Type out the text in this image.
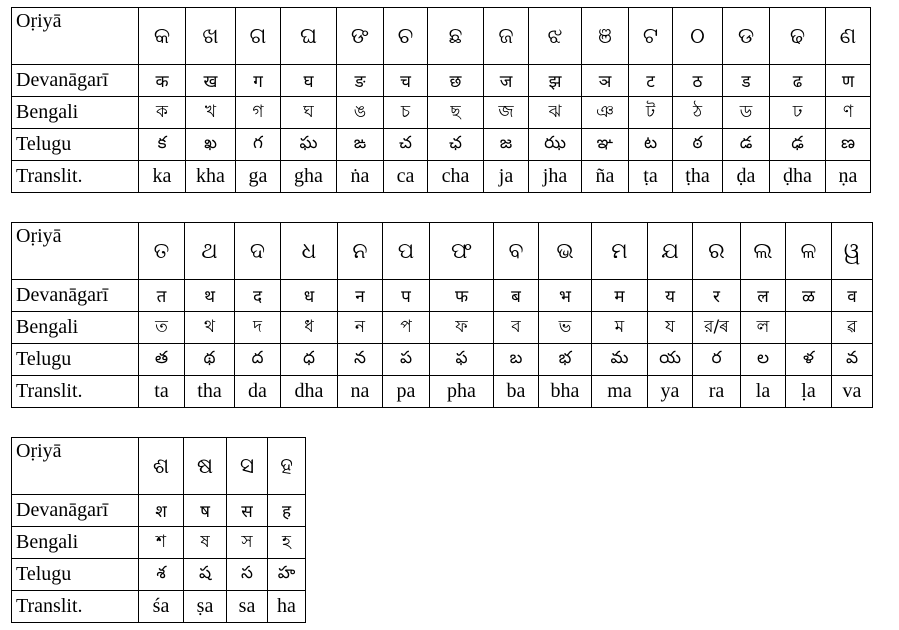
Oṛiyā	କ	ଖ	ଗ	ଘ	ଙ	ଚ	ଛ	ଜ	ଝ	ଞ	ଟ	ଠ	ଡ	ଢ	ଣ
Devanāgarī	क	ख	ग	घ	ङ	च	छ	ज	झ	ञ	ट	ठ	ड	ढ	ण
Bengali	ক	খ	গ	ঘ	ঙ	চ	ছ	জ	ঝ	ঞ	ট	ঠ	ড	ঢ	ণ
Telugu	క	ఖ	గ	ఘ	ఙ	చ	ఛ	జ	ఝ	ఞ	ట	ఠ	డ	ఢ	ణ
Translit.	ka	kha	ga	gha	ṅa	ca	cha	ja	jha	ña	ṭa	ṭha	ḍa	ḍha	ṇa
Oṛiyā	ତ	ଥ	ଦ	ଧ	ନ	ପ	ଫ	ବ	ଭ	ମ	ଯ	ର	ଲ	ଳ	ୱ
Devanāgarī	त	थ	द	ध	न	प	फ	ब	भ	म	य	र	ल	ळ	व
Bengali	ত	থ	দ	ধ	ন	প	ফ	ব	ভ	ম	য	র/ৰ	ল		ৱ
Telugu	త	థ	ద	ధ	న	ప	ఫ	బ	భ	మ	య	ర	ల	ళ	వ
Translit.	ta	tha	da	dha	na	pa	pha	ba	bha	ma	ya	ra	la	ḷa	va
Oṛiyā	ଶ	ଷ	ସ	ହ
Devanāgarī	श	ष	स	ह
Bengali	শ	ষ	স	হ
Telugu	శ	ష	స	హ
Translit.	śa	ṣa	sa	ha
